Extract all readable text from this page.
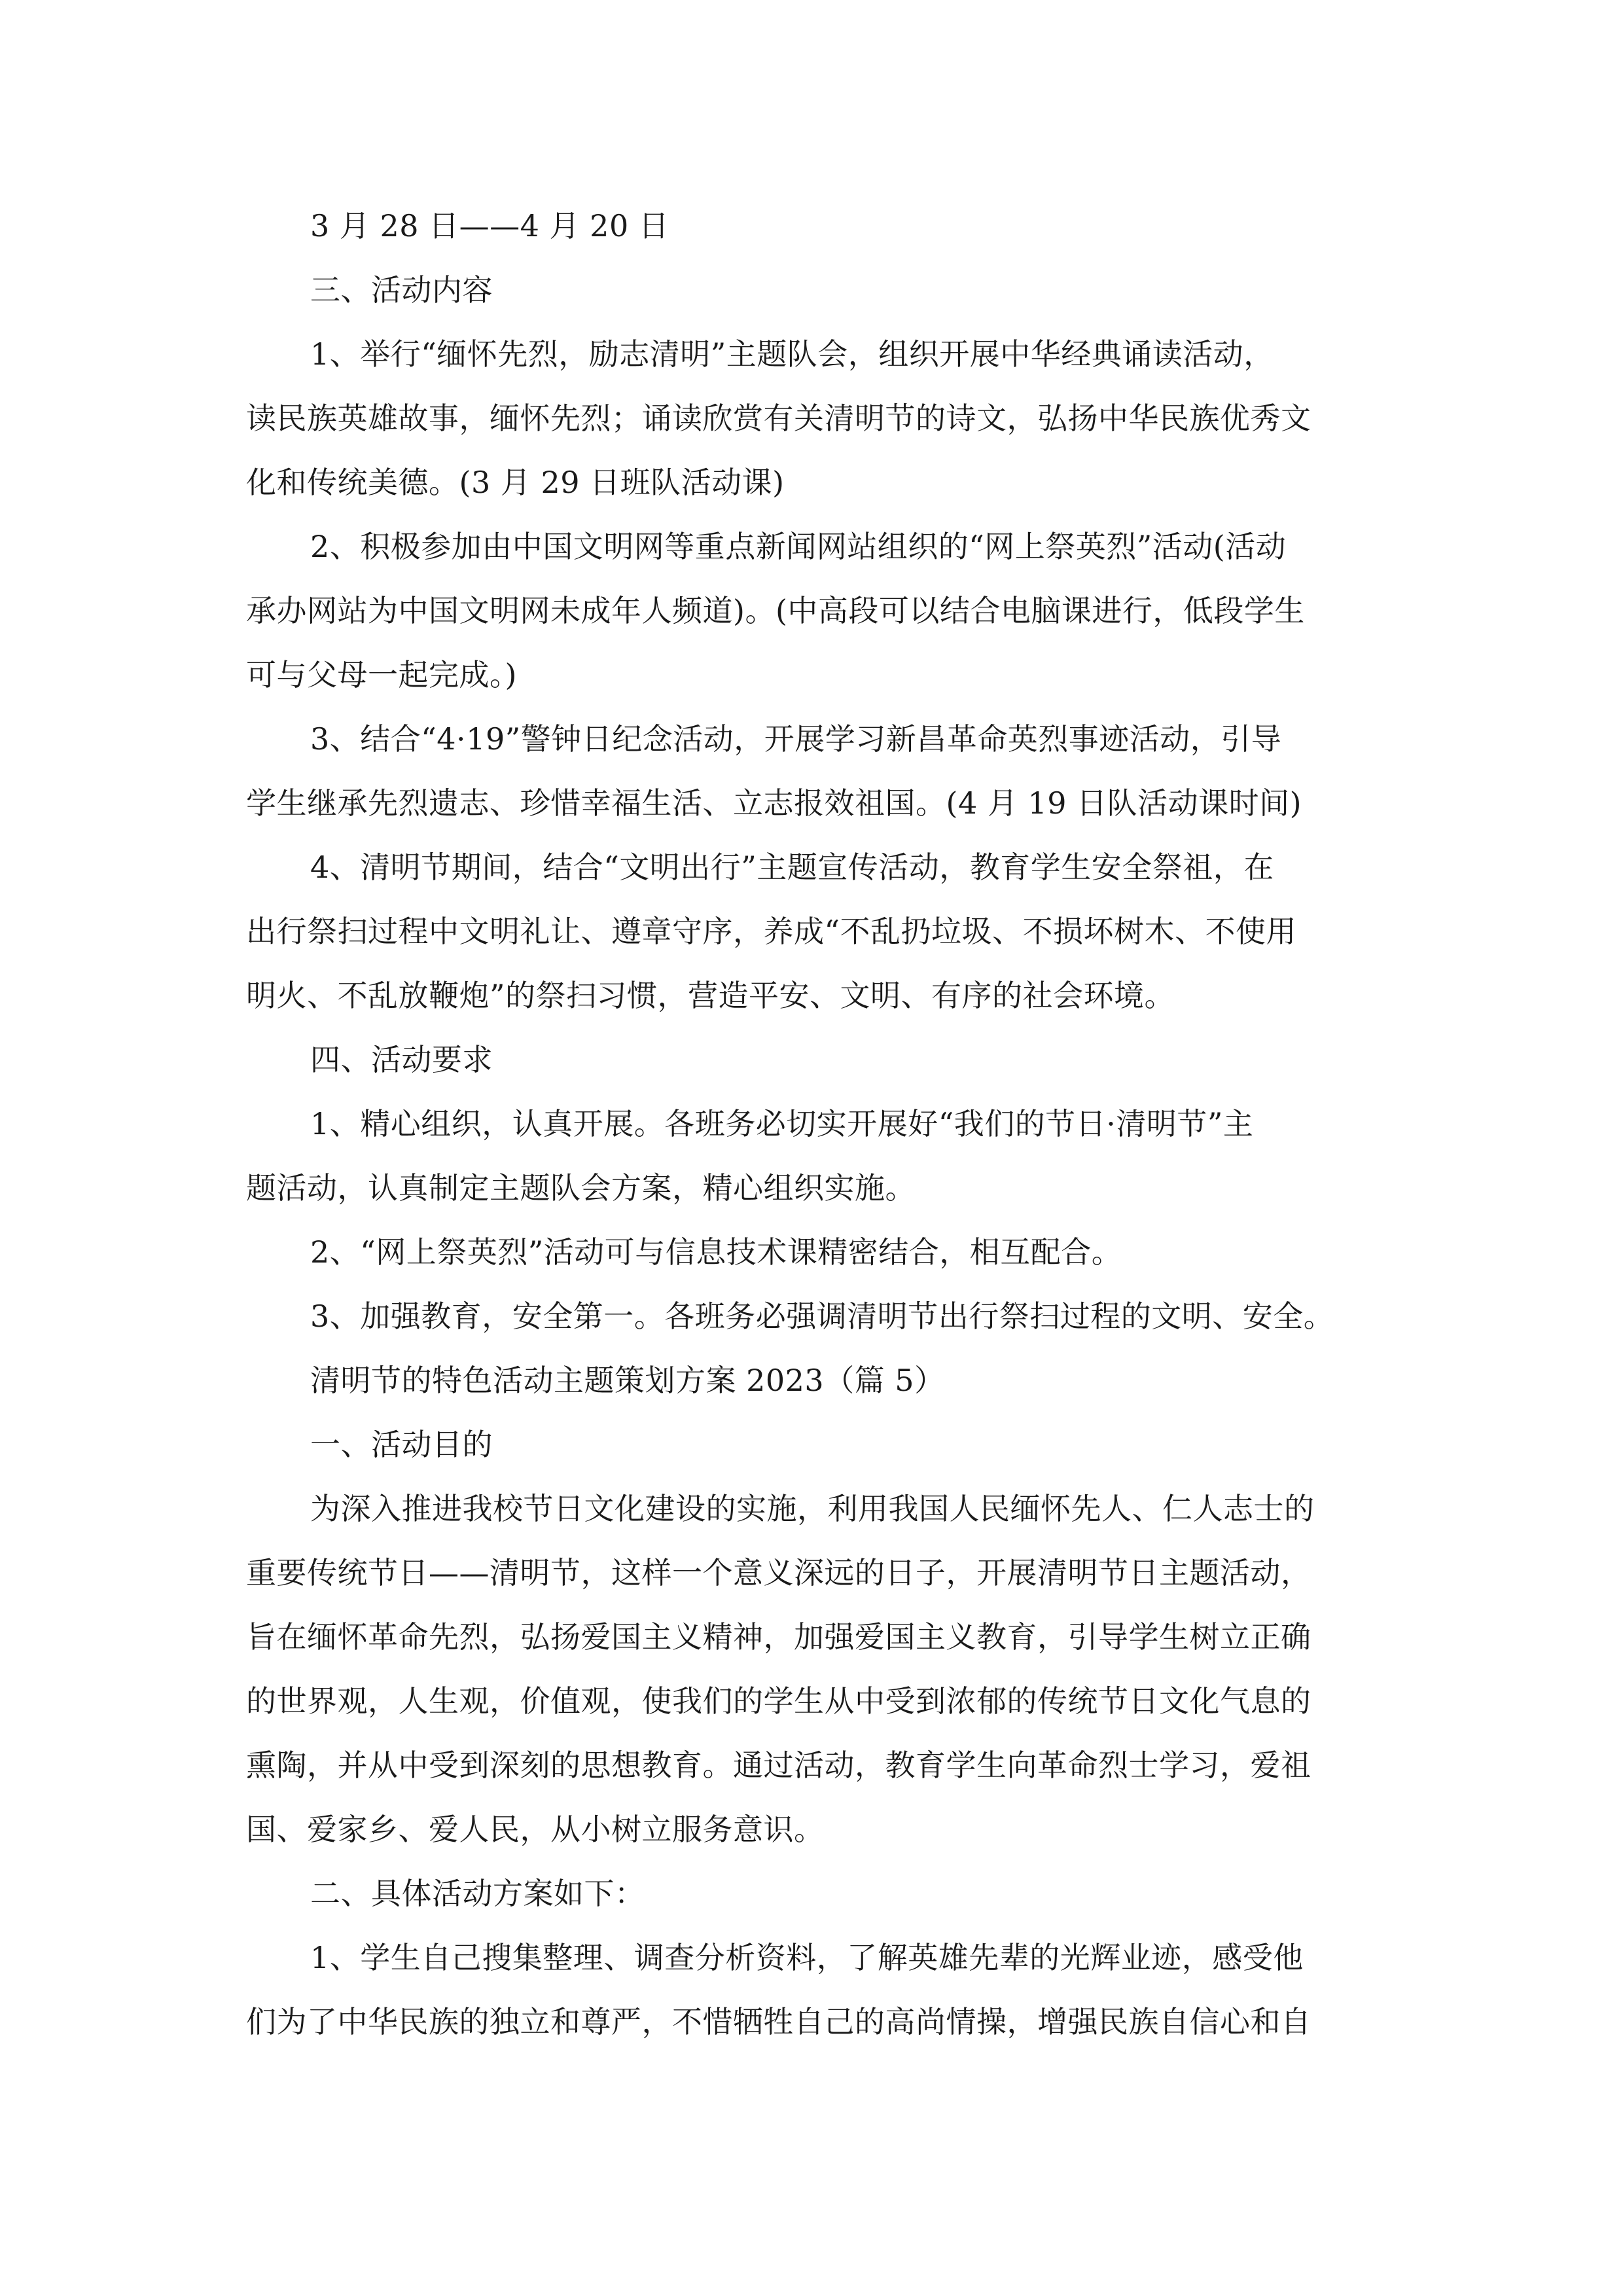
3 月 28 日——4 月 20 日

三、活动内容

1、举行“缅怀先烈，励志清明”主题队会，组织开展中华经典诵读活动，

读民族英雄故事，缅怀先烈；诵读欣赏有关清明节的诗文，弘扬中华民族优秀文

化和传统美德。(3 月 29 日班队活动课)

2、积极参加由中国文明网等重点新闻网站组织的“网上祭英烈”活动(活动

承办网站为中国文明网未成年人频道)。(中高段可以结合电脑课进行，低段学生

可与父母一起完成。)

3、结合“4·19”警钟日纪念活动，开展学习新昌革命英烈事迹活动，引导

学生继承先烈遗志、珍惜幸福生活、立志报效祖国。(4 月 19 日队活动课时间)

4、清明节期间，结合“文明出行”主题宣传活动，教育学生安全祭祖，在

出行祭扫过程中文明礼让、遵章守序，养成“不乱扔垃圾、不损坏树木、不使用

明火、不乱放鞭炮”的祭扫习惯，营造平安、文明、有序的社会环境。

四、活动要求

1、精心组织，认真开展。各班务必切实开展好“我们的节日·清明节”主

题活动，认真制定主题队会方案，精心组织实施。

2、“网上祭英烈”活动可与信息技术课精密结合，相互配合。

3、加强教育，安全第一。各班务必强调清明节出行祭扫过程的文明、安全。

清明节的特色活动主题策划方案 2023（篇 5）

一、活动目的

为深入推进我校节日文化建设的实施，利用我国人民缅怀先人、仁人志士的

重要传统节日——清明节，这样一个意义深远的日子，开展清明节日主题活动，

旨在缅怀革命先烈，弘扬爱国主义精神，加强爱国主义教育，引导学生树立正确

的世界观，人生观，价值观，使我们的学生从中受到浓郁的传统节日文化气息的

熏陶，并从中受到深刻的思想教育。通过活动，教育学生向革命烈士学习，爱祖

国、爱家乡、爱人民，从小树立服务意识。

二、具体活动方案如下：

1、学生自己搜集整理、调查分析资料，了解英雄先辈的光辉业迹，感受他

们为了中华民族的独立和尊严，不惜牺牲自己的高尚情操，增强民族自信心和自
